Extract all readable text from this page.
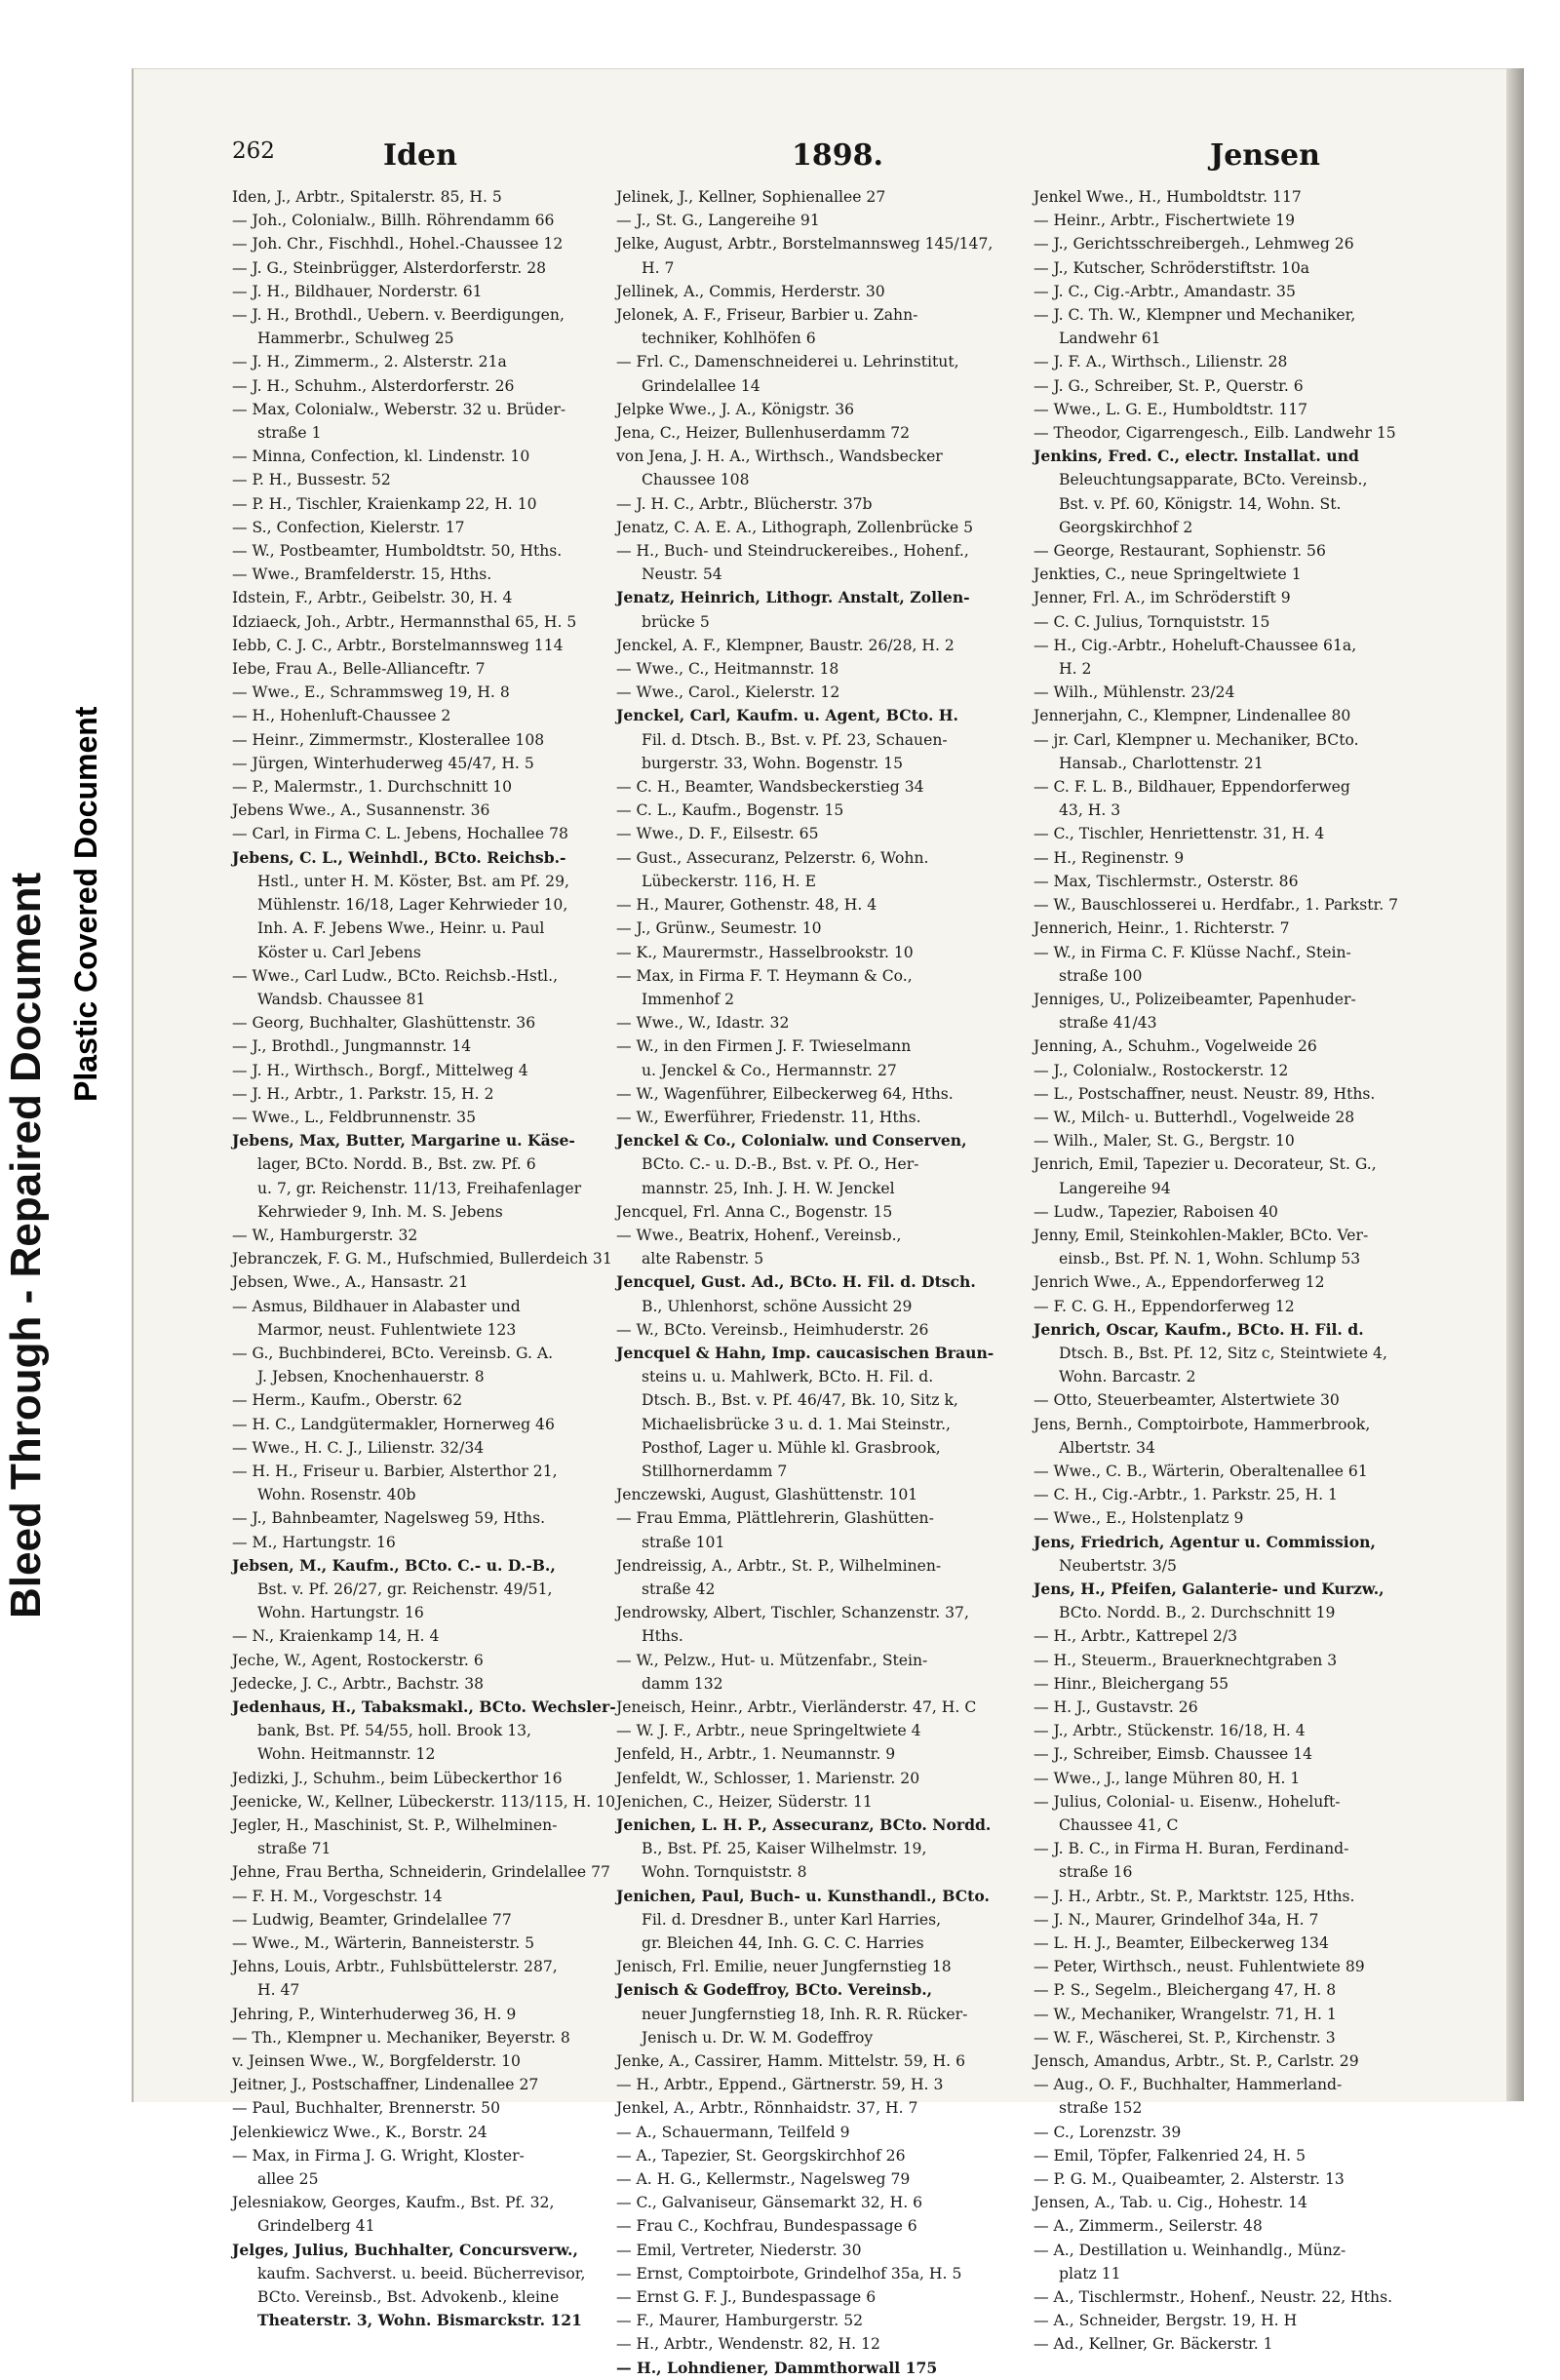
Bleed Through - Repaired Document Plastic Covered Document
262	Iden	1898.	Jensen
Iden, J., Arbtr., Spitalerstr. 85, H. 5
— Joh., Colonialw., Billh. Röhrendamm 66
— Joh. Chr., Fischhdl., Hohel.-Chaussee 12
— J. G., Steinbrügger, Alsterdorferstr. 28
— J. H., Bildhauer, Norderstr. 61
— J. H., Brothdl., Uebern. v. Beerdigungen,
Hammerbr., Schulweg 25
— J. H., Zimmerm., 2. Alsterstr. 21a
— J. H., Schuhm., Alsterdorferstr. 26
— Max, Colonialw., Weberstr. 32 u. Brüder-
straße 1
— Minna, Confection, kl. Lindenstr. 10
— P. H., Bussestr. 52
— P. H., Tischler, Kraienkamp 22, H. 10
— S., Confection, Kielerstr. 17
— W., Postbeamter, Humboldtstr. 50, Hths.
— Wwe., Bramfelderstr. 15, Hths.
Idstein, F., Arbtr., Geibelstr. 30, H. 4
Idziaeck, Joh., Arbtr., Hermannsthal 65, H. 5
Iebb, C. J. C., Arbtr., Borstelmannsweg 114
Iebe, Frau A., Belle-Allianceftr. 7
— Wwe., E., Schrammsweg 19, H. 8
— H., Hohenluft-Chaussee 2
— Heinr., Zimmermstr., Klosterallee 108
— Jürgen, Winterhuderweg 45/47, H. 5
— P., Malermstr., 1. Durchschnitt 10
Jebens Wwe., A., Susannenstr. 36
— Carl, in Firma C. L. Jebens, Hochallee 78
Jebens, C. L., Weinhdl., BCto. Reichsb.-
Hstl., unter H. M. Köster, Bst. am Pf. 29,
Mühlenstr. 16/18, Lager Kehrwieder 10,
Inh. A. F. Jebens Wwe., Heinr. u. Paul
Köster u. Carl Jebens
— Wwe., Carl Ludw., BCto. Reichsb.-Hstl.,
Wandsb. Chaussee 81
— Georg, Buchhalter, Glashüttenstr. 36
— J., Brothdl., Jungmannstr. 14
— J. H., Wirthsch., Borgf., Mittelweg 4
— J. H., Arbtr., 1. Parkstr. 15, H. 2
— Wwe., L., Feldbrunnenstr. 35
Jebens, Max, Butter, Margarine u. Käse-
lager, BCto. Nordd. B., Bst. zw. Pf. 6
u. 7, gr. Reichenstr. 11/13, Freihafenlager
Kehrwieder 9, Inh. M. S. Jebens
— W., Hamburgerstr. 32
Jebranczek, F. G. M., Hufschmied, Bullerdeich 31
Jebsen, Wwe., A., Hansastr. 21
— Asmus, Bildhauer in Alabaster und
Marmor, neust. Fuhlentwiete 123
— G., Buchbinderei, BCto. Vereinsb. G. A.
J. Jebsen, Knochenhauerstr. 8
— Herm., Kaufm., Oberstr. 62
— H. C., Landgütermakler, Hornerweg 46
— Wwe., H. C. J., Lilienstr. 32/34
— H. H., Friseur u. Barbier, Alsterthor 21,
Wohn. Rosenstr. 40b
— J., Bahnbeamter, Nagelsweg 59, Hths.
— M., Hartungstr. 16
Jebsen, M., Kaufm., BCto. C.- u. D.-B.,
Bst. v. Pf. 26/27, gr. Reichenstr. 49/51,
Wohn. Hartungstr. 16
— N., Kraienkamp 14, H. 4
Jeche, W., Agent, Rostockerstr. 6
Jedecke, J. C., Arbtr., Bachstr. 38
Jedenhaus, H., Tabaksmakl., BCto. Wechsler-
bank, Bst. Pf. 54/55, holl. Brook 13,
Wohn. Heitmannstr. 12
Jedizki, J., Schuhm., beim Lübeckerthor 16
Jeenicke, W., Kellner, Lübeckerstr. 113/115, H. 10
Jegler, H., Maschinist, St. P., Wilhelminen-
straße 71
Jehne, Frau Bertha, Schneiderin, Grindelallee 77
— F. H. M., Vorgeschstr. 14
— Ludwig, Beamter, Grindelallee 77
— Wwe., M., Wärterin, Banneisterstr. 5
Jehns, Louis, Arbtr., Fuhlsbüttelerstr. 287,
H. 47
Jehring, P., Winterhuderweg 36, H. 9
— Th., Klempner u. Mechaniker, Beyerstr. 8
v. Jeinsen Wwe., W., Borgfelderstr. 10
Jeitner, J., Postschaffner, Lindenallee 27
— Paul, Buchhalter, Brennerstr. 50
Jelenkiewicz Wwe., K., Borstr. 24
— Max, in Firma J. G. Wright, Kloster-
allee 25
Jelesniakow, Georges, Kaufm., Bst. Pf. 32,
Grindelberg 41
Jelges, Julius, Buchhalter, Concursverw.,
kaufm. Sachverst. u. beeid. Bücherrevisor,
BCto. Vereinsb., Bst. Advokenb., kleine
Theaterstr. 3, Wohn. Bismarckstr. 121
Jelinek, J., Kellner, Sophienallee 27
— J., St. G., Langereihe 91
Jelke, August, Arbtr., Borstelmannsweg 145/147,
H. 7
Jellinek, A., Commis, Herderstr. 30
Jelonek, A. F., Friseur, Barbier u. Zahn-
techniker, Kohlhöfen 6
— Frl. C., Damenschneiderei u. Lehrinstitut,
Grindelallee 14
Jelpke Wwe., J. A., Königstr. 36
Jena, C., Heizer, Bullenhuserdamm 72
von Jena, J. H. A., Wirthsch., Wandsbecker
Chaussee 108
— J. H. C., Arbtr., Blücherstr. 37b
Jenatz, C. A. E. A., Lithograph, Zollenbrücke 5
— H., Buch- und Steindruckereibes., Hohenf.,
Neustr. 54
Jenatz, Heinrich, Lithogr. Anstalt, Zollen-
brücke 5
Jenckel, A. F., Klempner, Baustr. 26/28, H. 2
— Wwe., C., Heitmannstr. 18
— Wwe., Carol., Kielerstr. 12
Jenckel, Carl, Kaufm. u. Agent, BCto. H.
Fil. d. Dtsch. B., Bst. v. Pf. 23, Schauen-
burgerstr. 33, Wohn. Bogenstr. 15
— C. H., Beamter, Wandsbeckerstieg 34
— C. L., Kaufm., Bogenstr. 15
— Wwe., D. F., Eilsestr. 65
— Gust., Assecuranz, Pelzerstr. 6, Wohn.
Lübeckerstr. 116, H. E
— H., Maurer, Gothenstr. 48, H. 4
— J., Grünw., Seumestr. 10
— K., Maurermstr., Hasselbrookstr. 10
— Max, in Firma F. T. Heymann & Co.,
Immenhof 2
— Wwe., W., Idastr. 32
— W., in den Firmen J. F. Twieselmann
u. Jenckel & Co., Hermannstr. 27
— W., Wagenführer, Eilbeckerweg 64, Hths.
— W., Ewerführer, Friedenstr. 11, Hths.
Jenckel & Co., Colonialw. und Conserven,
BCto. C.- u. D.-B., Bst. v. Pf. O., Her-
mannstr. 25, Inh. J. H. W. Jenckel
Jencquel, Frl. Anna C., Bogenstr. 15
— Wwe., Beatrix, Hohenf., Vereinsb.,
alte Rabenstr. 5
Jencquel, Gust. Ad., BCto. H. Fil. d. Dtsch.
B., Uhlenhorst, schöne Aussicht 29
— W., BCto. Vereinsb., Heimhuderstr. 26
Jencquel & Hahn, Imp. caucasischen Braun-
steins u. u. Mahlwerk, BCto. H. Fil. d.
Dtsch. B., Bst. v. Pf. 46/47, Bk. 10, Sitz k,
Michaelisbrücke 3 u. d. 1. Mai Steinstr.,
Posthof, Lager u. Mühle kl. Grasbrook,
Stillhornerdamm 7
Jenczewski, August, Glashüttenstr. 101
— Frau Emma, Plättlehrerin, Glashütten-
straße 101
Jendreissig, A., Arbtr., St. P., Wilhelminen-
straße 42
Jendrowsky, Albert, Tischler, Schanzenstr. 37,
Hths.
— W., Pelzw., Hut- u. Mützenfabr., Stein-
damm 132
Jeneisch, Heinr., Arbtr., Vierländerstr. 47, H. C
— W. J. F., Arbtr., neue Springeltwiete 4
Jenfeld, H., Arbtr., 1. Neumannstr. 9
Jenfeldt, W., Schlosser, 1. Marienstr. 20
Jenichen, C., Heizer, Süderstr. 11
Jenichen, L. H. P., Assecuranz, BCto. Nordd.
B., Bst. Pf. 25, Kaiser Wilhelmstr. 19,
Wohn. Tornquiststr. 8
Jenichen, Paul, Buch- u. Kunsthandl., BCto.
Fil. d. Dresdner B., unter Karl Harries,
gr. Bleichen 44, Inh. G. C. C. Harries
Jenisch, Frl. Emilie, neuer Jungfernstieg 18
Jenisch & Godeffroy, BCto. Vereinsb.,
neuer Jungfernstieg 18, Inh. R. R. Rücker-
Jenisch u. Dr. W. M. Godeffroy
Jenke, A., Cassirer, Hamm. Mittelstr. 59, H. 6
— H., Arbtr., Eppend., Gärtnerstr. 59, H. 3
Jenkel, A., Arbtr., Rönnhaidstr. 37, H. 7
— A., Schauermann, Teilfeld 9
— A., Tapezier, St. Georgskirchhof 26
— A. H. G., Kellermstr., Nagelsweg 79
— C., Galvaniseur, Gänsemarkt 32, H. 6
— Frau C., Kochfrau, Bundespassage 6
— Emil, Vertreter, Niederstr. 30
— Ernst, Comptoirbote, Grindelhof 35a, H. 5
— Ernst G. F. J., Bundespassage 6
— F., Maurer, Hamburgerstr. 52
— H., Arbtr., Wendenstr. 82, H. 12
— H., Lohndiener, Dammthorwall 175
Jenkel Wwe., H., Humboldtstr. 117
— Heinr., Arbtr., Fischertwiete 19
— J., Gerichtsschreibergeh., Lehmweg 26
— J., Kutscher, Schröderstiftstr. 10a
— J. C., Cig.-Arbtr., Amandastr. 35
— J. C. Th. W., Klempner und Mechaniker,
Landwehr 61
— J. F. A., Wirthsch., Lilienstr. 28
— J. G., Schreiber, St. P., Querstr. 6
— Wwe., L. G. E., Humboldtstr. 117
— Theodor, Cigarrengesch., Eilb. Landwehr 15
Jenkins, Fred. C., electr. Installat. und
Beleuchtungsapparate, BCto. Vereinsb.,
Bst. v. Pf. 60, Königstr. 14, Wohn. St.
Georgskirchhof 2
— George, Restaurant, Sophienstr. 56
Jenkties, C., neue Springeltwiete 1
Jenner, Frl. A., im Schröderstift 9
— C. C. Julius, Tornquiststr. 15
— H., Cig.-Arbtr., Hoheluft-Chaussee 61a,
H. 2
— Wilh., Mühlenstr. 23/24
Jennerjahn, C., Klempner, Lindenallee 80
— jr. Carl, Klempner u. Mechaniker, BCto.
Hansab., Charlottenstr. 21
— C. F. L. B., Bildhauer, Eppendorferweg
43, H. 3
— C., Tischler, Henriettenstr. 31, H. 4
— H., Reginenstr. 9
— Max, Tischlermstr., Osterstr. 86
— W., Bauschlosserei u. Herdfabr., 1. Parkstr. 7
Jennerich, Heinr., 1. Richterstr. 7
— W., in Firma C. F. Klüsse Nachf., Stein-
straße 100
Jenniges, U., Polizeibeamter, Papenhuder-
straße 41/43
Jenning, A., Schuhm., Vogelweide 26
— J., Colonialw., Rostockerstr. 12
— L., Postschaffner, neust. Neustr. 89, Hths.
— W., Milch- u. Butterhdl., Vogelweide 28
— Wilh., Maler, St. G., Bergstr. 10
Jenrich, Emil, Tapezier u. Decorateur, St. G.,
Langereihe 94
— Ludw., Tapezier, Raboisen 40
Jenny, Emil, Steinkohlen-Makler, BCto. Ver-
einsb., Bst. Pf. N. 1, Wohn. Schlump 53
Jenrich Wwe., A., Eppendorferweg 12
— F. C. G. H., Eppendorferweg 12
Jenrich, Oscar, Kaufm., BCto. H. Fil. d.
Dtsch. B., Bst. Pf. 12, Sitz c, Steintwiete 4,
Wohn. Barcastr. 2
— Otto, Steuerbeamter, Alstertwiete 30
Jens, Bernh., Comptoirbote, Hammerbrook,
Albertstr. 34
— Wwe., C. B., Wärterin, Oberaltenallee 61
— C. H., Cig.-Arbtr., 1. Parkstr. 25, H. 1
— Wwe., E., Holstenplatz 9
Jens, Friedrich, Agentur u. Commission,
Neubertstr. 3/5
Jens, H., Pfeifen, Galanterie- und Kurzw.,
BCto. Nordd. B., 2. Durchschnitt 19
— H., Arbtr., Kattrepel 2/3
— H., Steuerm., Brauerknechtgraben 3
— Hinr., Bleichergang 55
— H. J., Gustavstr. 26
— J., Arbtr., Stückenstr. 16/18, H. 4
— J., Schreiber, Eimsb. Chaussee 14
— Wwe., J., lange Mühren 80, H. 1
— Julius, Colonial- u. Eisenw., Hoheluft-
Chaussee 41, C
— J. B. C., in Firma H. Buran, Ferdinand-
straße 16
— J. H., Arbtr., St. P., Marktstr. 125, Hths.
— J. N., Maurer, Grindelhof 34a, H. 7
— L. H. J., Beamter, Eilbeckerweg 134
— Peter, Wirthsch., neust. Fuhlentwiete 89
— P. S., Segelm., Bleichergang 47, H. 8
— W., Mechaniker, Wrangelstr. 71, H. 1
— W. F., Wäscherei, St. P., Kirchenstr. 3
Jensch, Amandus, Arbtr., St. P., Carlstr. 29
— Aug., O. F., Buchhalter, Hammerland-
straße 152
— C., Lorenzstr. 39
— Emil, Töpfer, Falkenried 24, H. 5
— P. G. M., Quaibeamter, 2. Alsterstr. 13
Jensen, A., Tab. u. Cig., Hohestr. 14
— A., Zimmerm., Seilerstr. 48
— A., Destillation u. Weinhandlg., Münz-
platz 11
— A., Tischlermstr., Hohenf., Neustr. 22, Hths.
— A., Schneider, Bergstr. 19, H. H
— Ad., Kellner, Gr. Bäckerstr. 1
